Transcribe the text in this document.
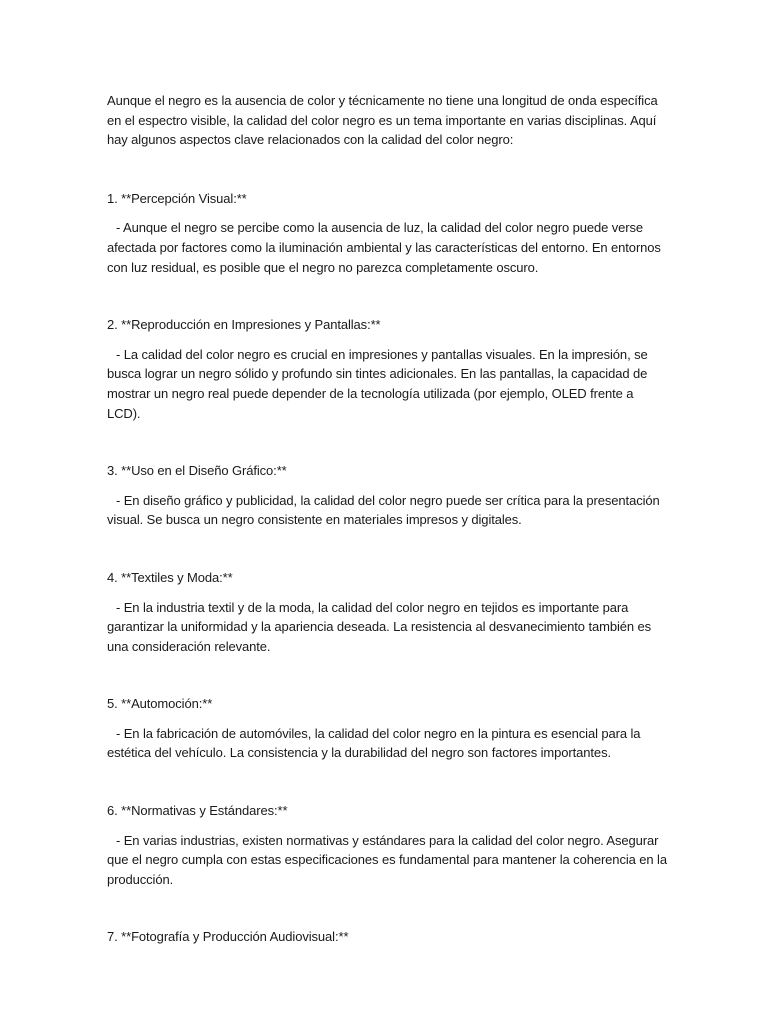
Aunque el negro es la ausencia de color y técnicamente no tiene una longitud de onda específica en el espectro visible, la calidad del color negro es un tema importante en varias disciplinas. Aquí hay algunos aspectos clave relacionados con la calidad del color negro:

1. **Percepción Visual:**

- Aunque el negro se percibe como la ausencia de luz, la calidad del color negro puede verse afectada por factores como la iluminación ambiental y las características del entorno. En entornos con luz residual, es posible que el negro no parezca completamente oscuro.

2. **Reproducción en Impresiones y Pantallas:**

- La calidad del color negro es crucial en impresiones y pantallas visuales. En la impresión, se busca lograr un negro sólido y profundo sin tintes adicionales. En las pantallas, la capacidad de mostrar un negro real puede depender de la tecnología utilizada (por ejemplo, OLED frente a LCD).

3. **Uso en el Diseño Gráfico:**

- En diseño gráfico y publicidad, la calidad del color negro puede ser crítica para la presentación visual. Se busca un negro consistente en materiales impresos y digitales.

4. **Textiles y Moda:**

- En la industria textil y de la moda, la calidad del color negro en tejidos es importante para garantizar la uniformidad y la apariencia deseada. La resistencia al desvanecimiento también es una consideración relevante.

5. **Automoción:**

- En la fabricación de automóviles, la calidad del color negro en la pintura es esencial para la estética del vehículo. La consistencia y la durabilidad del negro son factores importantes.

6. **Normativas y Estándares:**

- En varias industrias, existen normativas y estándares para la calidad del color negro. Asegurar que el negro cumpla con estas especificaciones es fundamental para mantener la coherencia en la producción.

7. **Fotografía y Producción Audiovisual:**
